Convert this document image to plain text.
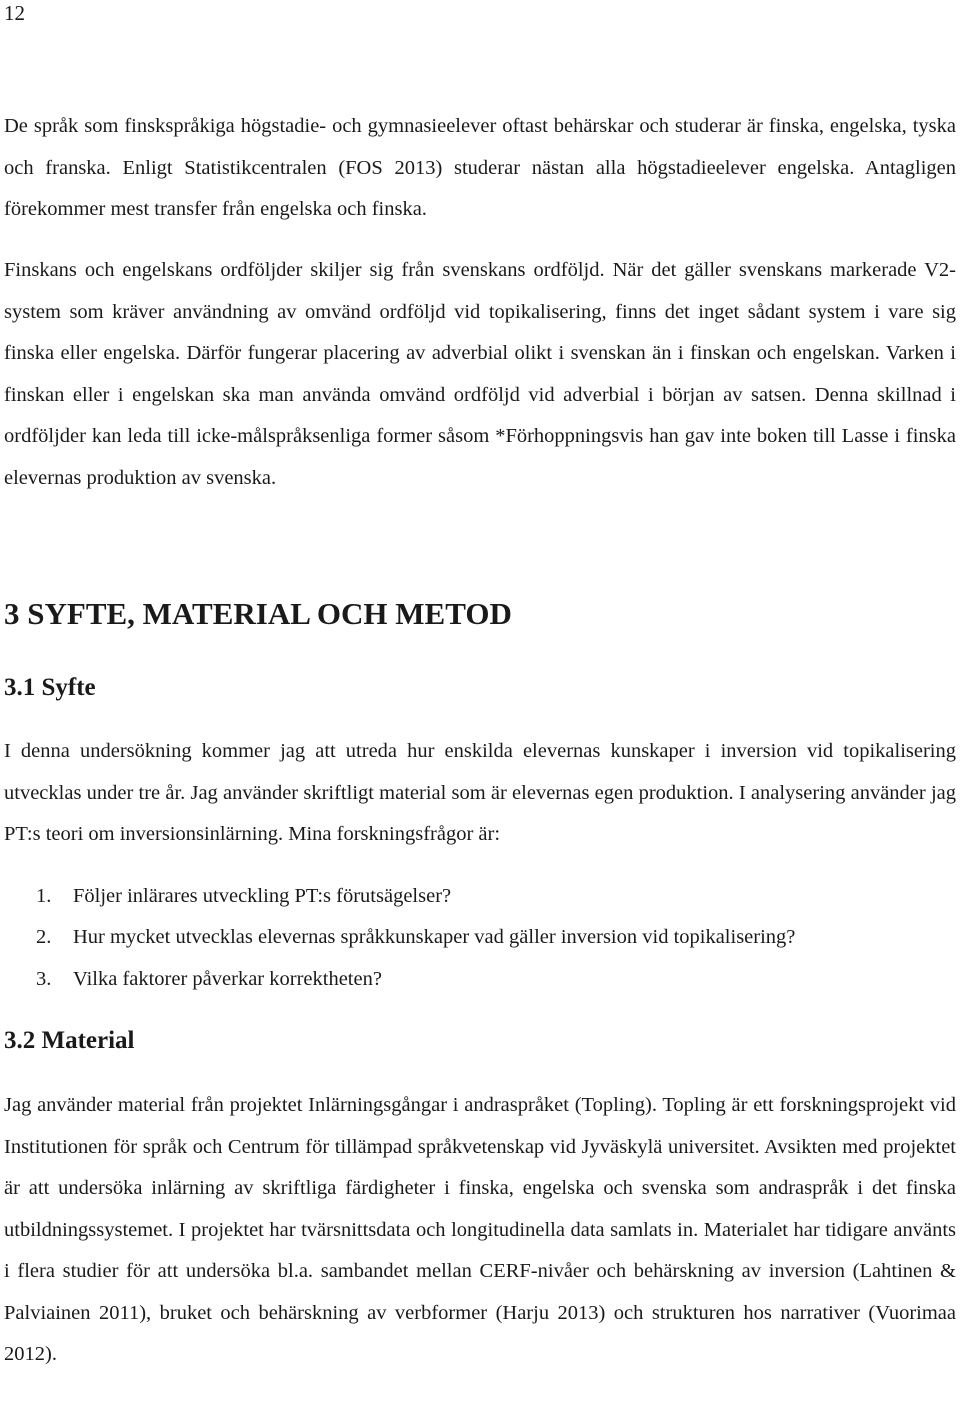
12

De språk som finskspråkiga högstadie- och gymnasieelever oftast behärskar och studerar är finska, engelska, tyska och franska. Enligt Statistikcentralen (FOS 2013) studerar nästan alla högstadieelever engelska. Antagligen förekommer mest transfer från engelska och finska.

Finskans och engelskans ordföljder skiljer sig från svenskans ordföljd. När det gäller svenskans markerade V2-system som kräver användning av omvänd ordföljd vid topikalisering, finns det inget sådant system i vare sig finska eller engelska. Därför fungerar placering av adverbial olikt i svenskan än i finskan och engelskan. Varken i finskan eller i engelskan ska man använda omvänd ordföljd vid adverbial i början av satsen. Denna skillnad i ordföljder kan leda till icke-målspråksenliga former såsom *Förhoppningsvis han gav inte boken till Lasse i finska elevernas produktion av svenska.

3 SYFTE, MATERIAL OCH METOD
3.1 Syfte

I denna undersökning kommer jag att utreda hur enskilda elevernas kunskaper i inversion vid topikalisering utvecklas under tre år. Jag använder skriftligt material som är elevernas egen produktion. I analysering använder jag PT:s teori om inversionsinlärning. Mina forskningsfrågor är:

1. Följer inlärares utveckling PT:s förutsägelser?
2. Hur mycket utvecklas elevernas språkkunskaper vad gäller inversion vid topikalisering?
3. Vilka faktorer påverkar korrektheten?
3.2 Material

Jag använder material från projektet Inlärningsgångar i andraspråket (Topling). Topling är ett forskningsprojekt vid Institutionen för språk och Centrum för tillämpad språkvetenskap vid Jyväskylä universitet. Avsikten med projektet är att undersöka inlärning av skriftliga färdigheter i finska, engelska och svenska som andraspråk i det finska utbildningssystemet. I projektet har tvärsnittsdata och longitudinella data samlats in. Materialet har tidigare använts i flera studier för att undersöka bl.a. sambandet mellan CERF-nivåer och behärskning av inversion (Lahtinen & Palviainen 2011), bruket och behärskning av verbformer (Harju 2013) och strukturen hos narrativer (Vuorimaa 2012).
